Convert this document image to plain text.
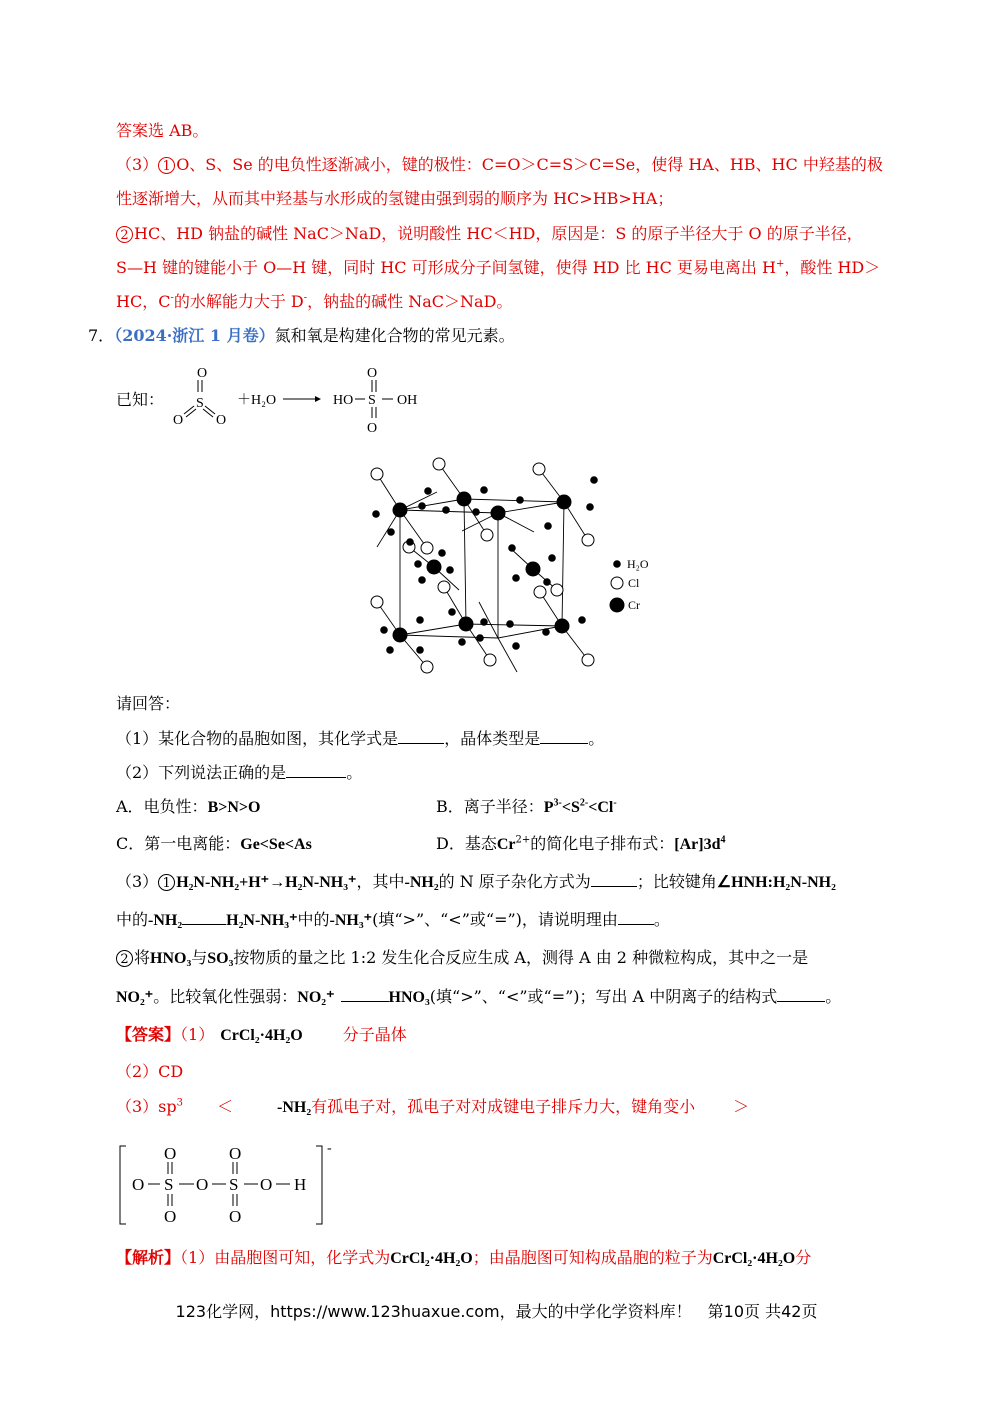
答案选 AB。
（3） 1 O、S、Se 的电负性逐渐减小，键的极性：C=O＞C=S＞C=Se，使得 HA、HB、HC 中羟基的极
性逐渐增大，从而其中羟基与水形成的氢键由强到弱的顺序为 HC>HB>HA；
2 HC、HD 钠盐的碱性 NaC＞NaD，说明酸性 HC＜HD，原因是：S 的原子半径大于 O 的原子半径，
S—H 键的键能小于 O—H 键，同时 HC 可形成分子间氢键，使得 HD 比 HC 更易电离出 H+，酸性 HD＞
HC，C-的水解能力大于 D-，钠盐的碱性 NaC＞NaD。
7．（2024·浙江 1 月卷）氮和氧是构建化合物的常见元素。
已知：
O
S
O O
＋H₂O	HO
O
S
O
OH
H₂O
Cl
Cr
请回答：
（1）某化合物的晶胞如图，其化学式是	，晶体类型是	。
（2）下列说法正确的是	。
A．电负性：B>N>O	B．离子半径：$P^{3-}<S^{2-}<Cl^-$
C．第一电离能：Ge<Se<As	D．基态$Cr^{2+}$的简化电子排布式：$[Ar]3d^4$
（3） 1 H₂N-NH₂+H⁺→H₂N-NH₃⁺，其中-NH₂的 N 原子杂化方式为	；比较键角∠HNH:H₂N-NH₂
中的-NH₂	H₂N-NH₃⁺中的-NH₃⁺(填“>”、“<”或“=”)，请说明理由 。
2 将HNO₃与SO₃按物质的量之比 1:2 发生化合反应生成 A，测得 A 由 2 种微粒构成，其中之一是
NO₂⁺。比较氧化性强弱：NO₂⁺	HNO₃(填“>”、“<”或“=”)；写出 A 中阴离子的结构式	。
【答案】（1） CrCl₂·4H₂O	分子晶体
（2）CD
$(3)sp^3$ ＜	-NH₂有孤电子对，孤电子对对成键电子排斥力大，键角变小 ＞
O
O
S
O
O
O
S
O
O H
-
【解析】（1）由晶胞图可知，化学式为CrCl₂·4H₂O；由晶胞图可知构成晶胞的粒子为CrCl₂·4H₂O分
123化学网，https://www.123huaxue.com，最大的中学化学资料库！　第10页 共42页
